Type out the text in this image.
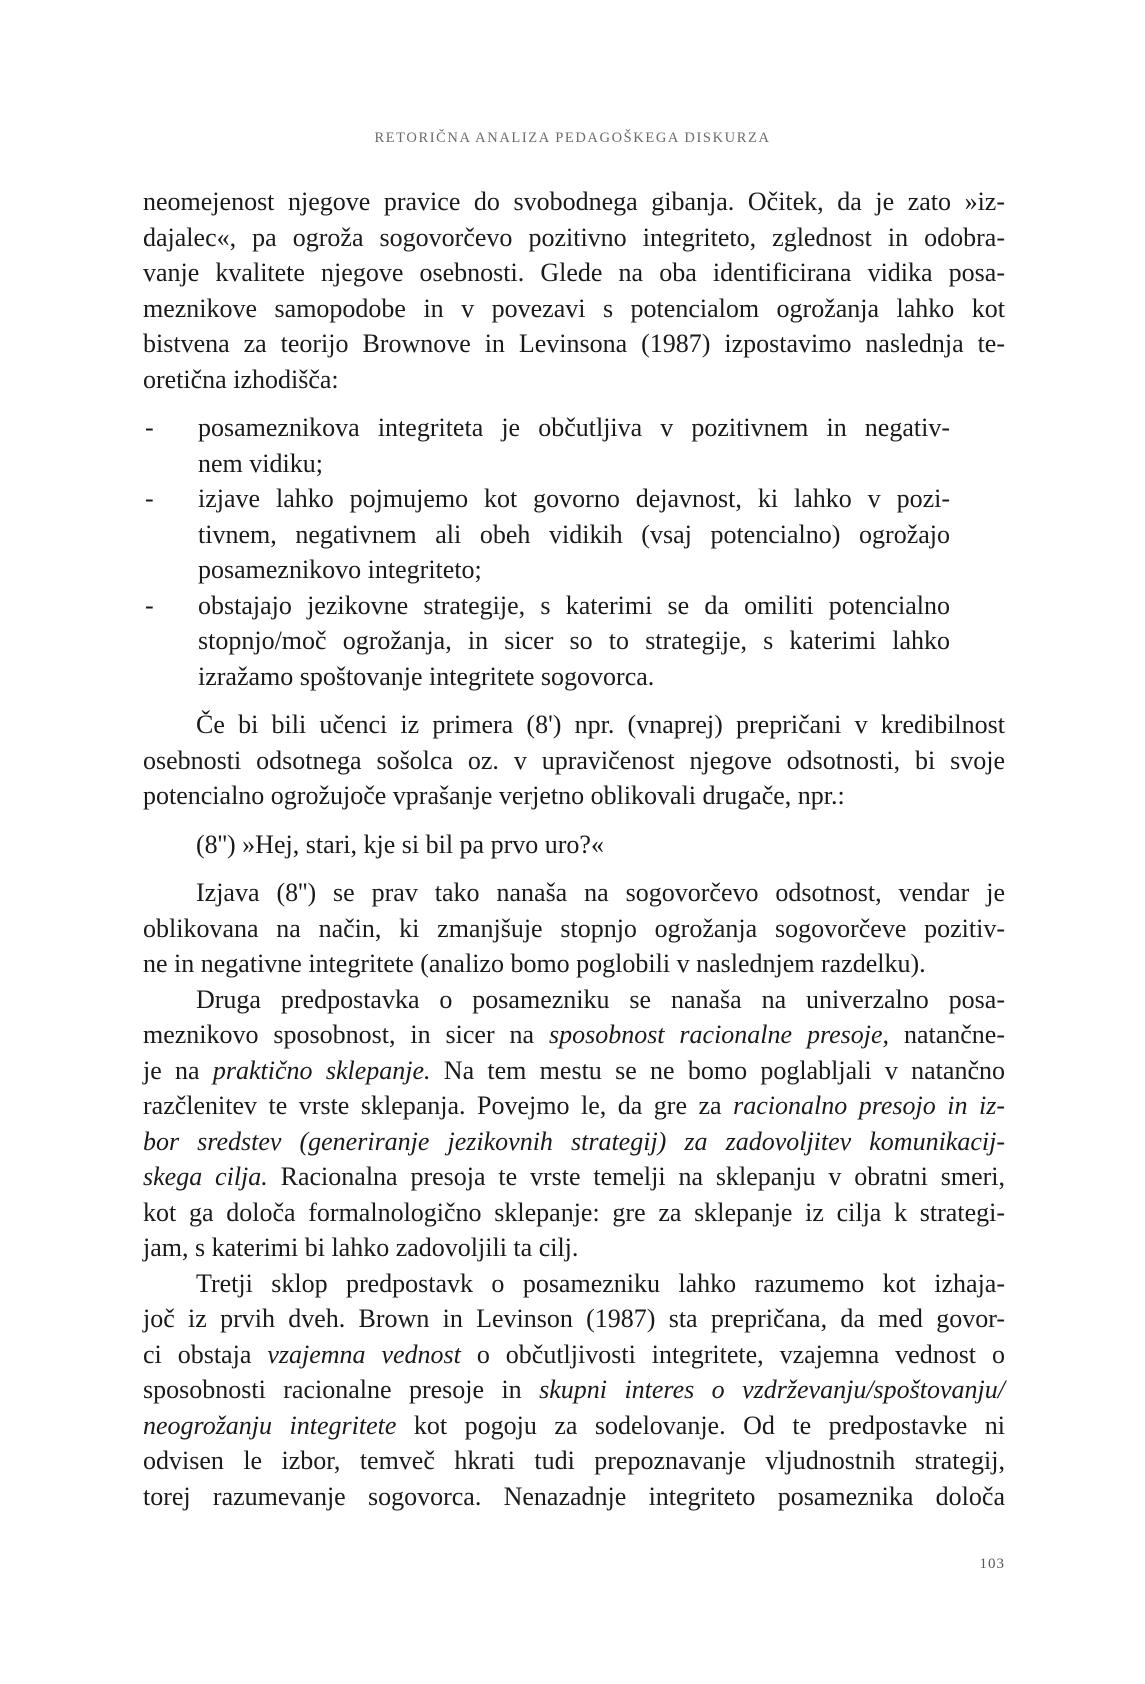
RETORIČNA ANALIZA PEDAGOŠKEGA DISKURZA
neomejenost njegove pravice do svobodnega gibanja. Očitek, da je zato »iz-
dajalec«, pa ogroža sogovorčevo pozitivno integriteto, zglednost in odobra-
vanje kvalitete njegove osebnosti. Glede na oba identificirana vidika posa-
meznikove samopodobe in v povezavi s potencialom ogrožanja lahko kot
bistvena za teorijo Brownove in Levinsona (1987) izpostavimo naslednja te-
oretična izhodišča:
- posameznikova integriteta je občutljiva v pozitivnem in negativ-
nem vidiku;
- izjave lahko pojmujemo kot govorno dejavnost, ki lahko v pozi-
tivnem, negativnem ali obeh vidikih (vsaj potencialno) ogrožajo
posameznikovo integriteto;
- obstajajo jezikovne strategije, s katerimi se da omiliti potencialno
stopnjo/moč ogrožanja, in sicer so to strategije, s katerimi lahko
izražamo spoštovanje integritete sogovorca.
Če bi bili učenci iz primera (8') npr. (vnaprej) prepričani v kredibilnost
osebnosti odsotnega sošolca oz. v upravičenost njegove odsotnosti, bi svoje
potencialno ogrožujoče vprašanje verjetno oblikovali drugače, npr.:
(8'') »Hej, stari, kje si bil pa prvo uro?«
Izjava (8'') se prav tako nanaša na sogovorčevo odsotnost, vendar je
oblikovana na način, ki zmanjšuje stopnjo ogrožanja sogovorčeve pozitiv-
ne in negativne integritete (analizo bomo poglobili v naslednjem razdelku).
Druga predpostavka o posamezniku se nanaša na univerzalno posa-
meznikovo sposobnost, in sicer na sposobnost racionalne presoje, natančne-
je na praktično sklepanje. Na tem mestu se ne bomo poglabljali v natančno
razčlenitev te vrste sklepanja. Povejmo le, da gre za racionalno presojo in iz-
bor sredstev (generiranje jezikovnih strategij) za zadovoljitev komunikacij-
skega cilja. Racionalna presoja te vrste temelji na sklepanju v obratni smeri,
kot ga določa formalnologično sklepanje: gre za sklepanje iz cilja k strategi-
jam, s katerimi bi lahko zadovoljili ta cilj.
Tretji sklop predpostavk o posamezniku lahko razumemo kot izhaja-
joč iz prvih dveh. Brown in Levinson (1987) sta prepričana, da med govor-
ci obstaja vzajemna vednost o občutljivosti integritete, vzajemna vednost o
sposobnosti racionalne presoje in skupni interes o vzdrževanju/spoštovanju/
neogrožanju integritete kot pogoju za sodelovanje. Od te predpostavke ni
odvisen le izbor, temveč hkrati tudi prepoznavanje vljudnostnih strategij,
torej razumevanje sogovorca. Nenazadnje integriteto posameznika določa
103
